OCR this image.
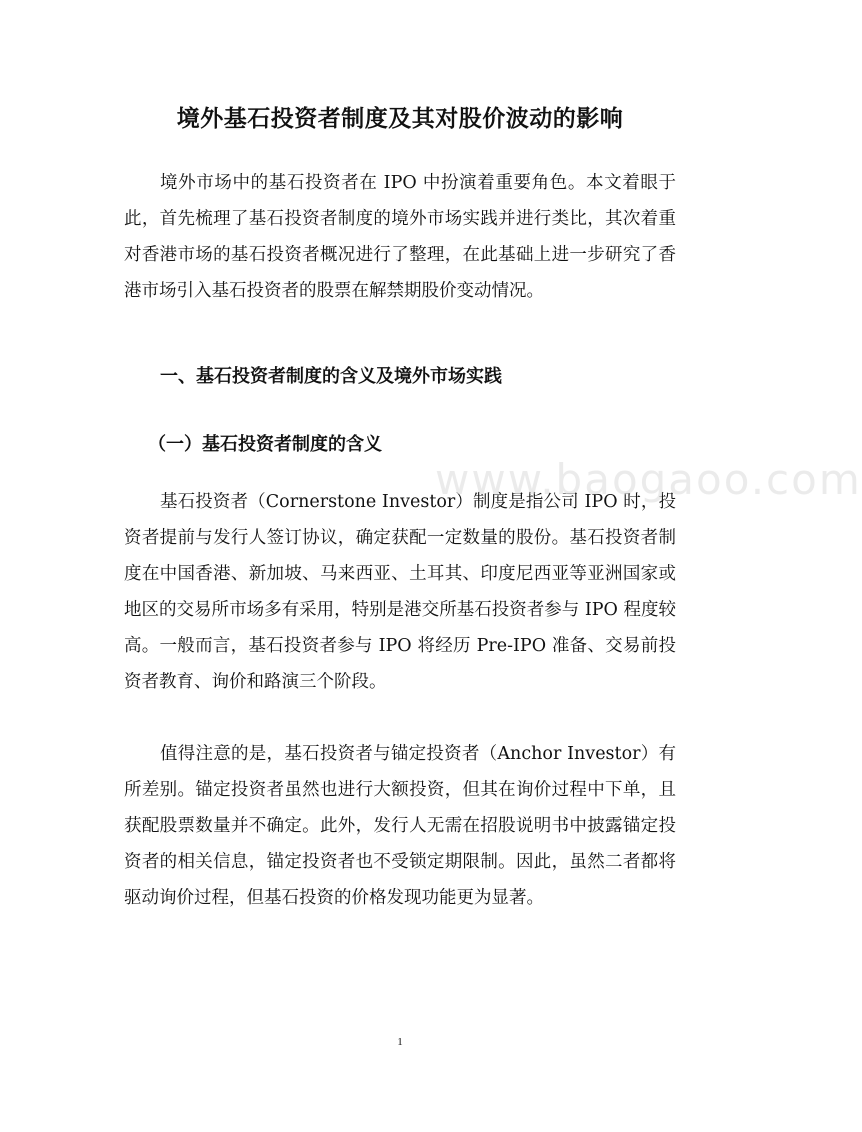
境外基石投资者制度及其对股价波动的影响

境外市场中的基石投资者在 IPO 中扮演着重要角色。本文着眼于此，首先梳理了基石投资者制度的境外市场实践并进行类比，其次着重对香港市场的基石投资者概况进行了整理，在此基础上进一步研究了香港市场引入基石投资者的股票在解禁期股价变动情况。

一、基石投资者制度的含义及境外市场实践
（一）基石投资者制度的含义

基石投资者（Cornerstone Investor）制度是指公司 IPO 时，投资者提前与发行人签订协议，确定获配一定数量的股份。基石投资者制度在中国香港、新加坡、马来西亚、土耳其、印度尼西亚等亚洲国家或地区的交易所市场多有采用，特别是港交所基石投资者参与 IPO 程度较高。一般而言，基石投资者参与 IPO 将经历 Pre-IPO 准备、交易前投资者教育、询价和路演三个阶段。

值得注意的是，基石投资者与锚定投资者（Anchor Investor）有所差别。锚定投资者虽然也进行大额投资，但其在询价过程中下单，且获配股票数量并不确定。此外，发行人无需在招股说明书中披露锚定投资者的相关信息，锚定投资者也不受锁定期限制。因此，虽然二者都将驱动询价过程，但基石投资的价格发现功能更为显著。

www.baogaoo.com
1
